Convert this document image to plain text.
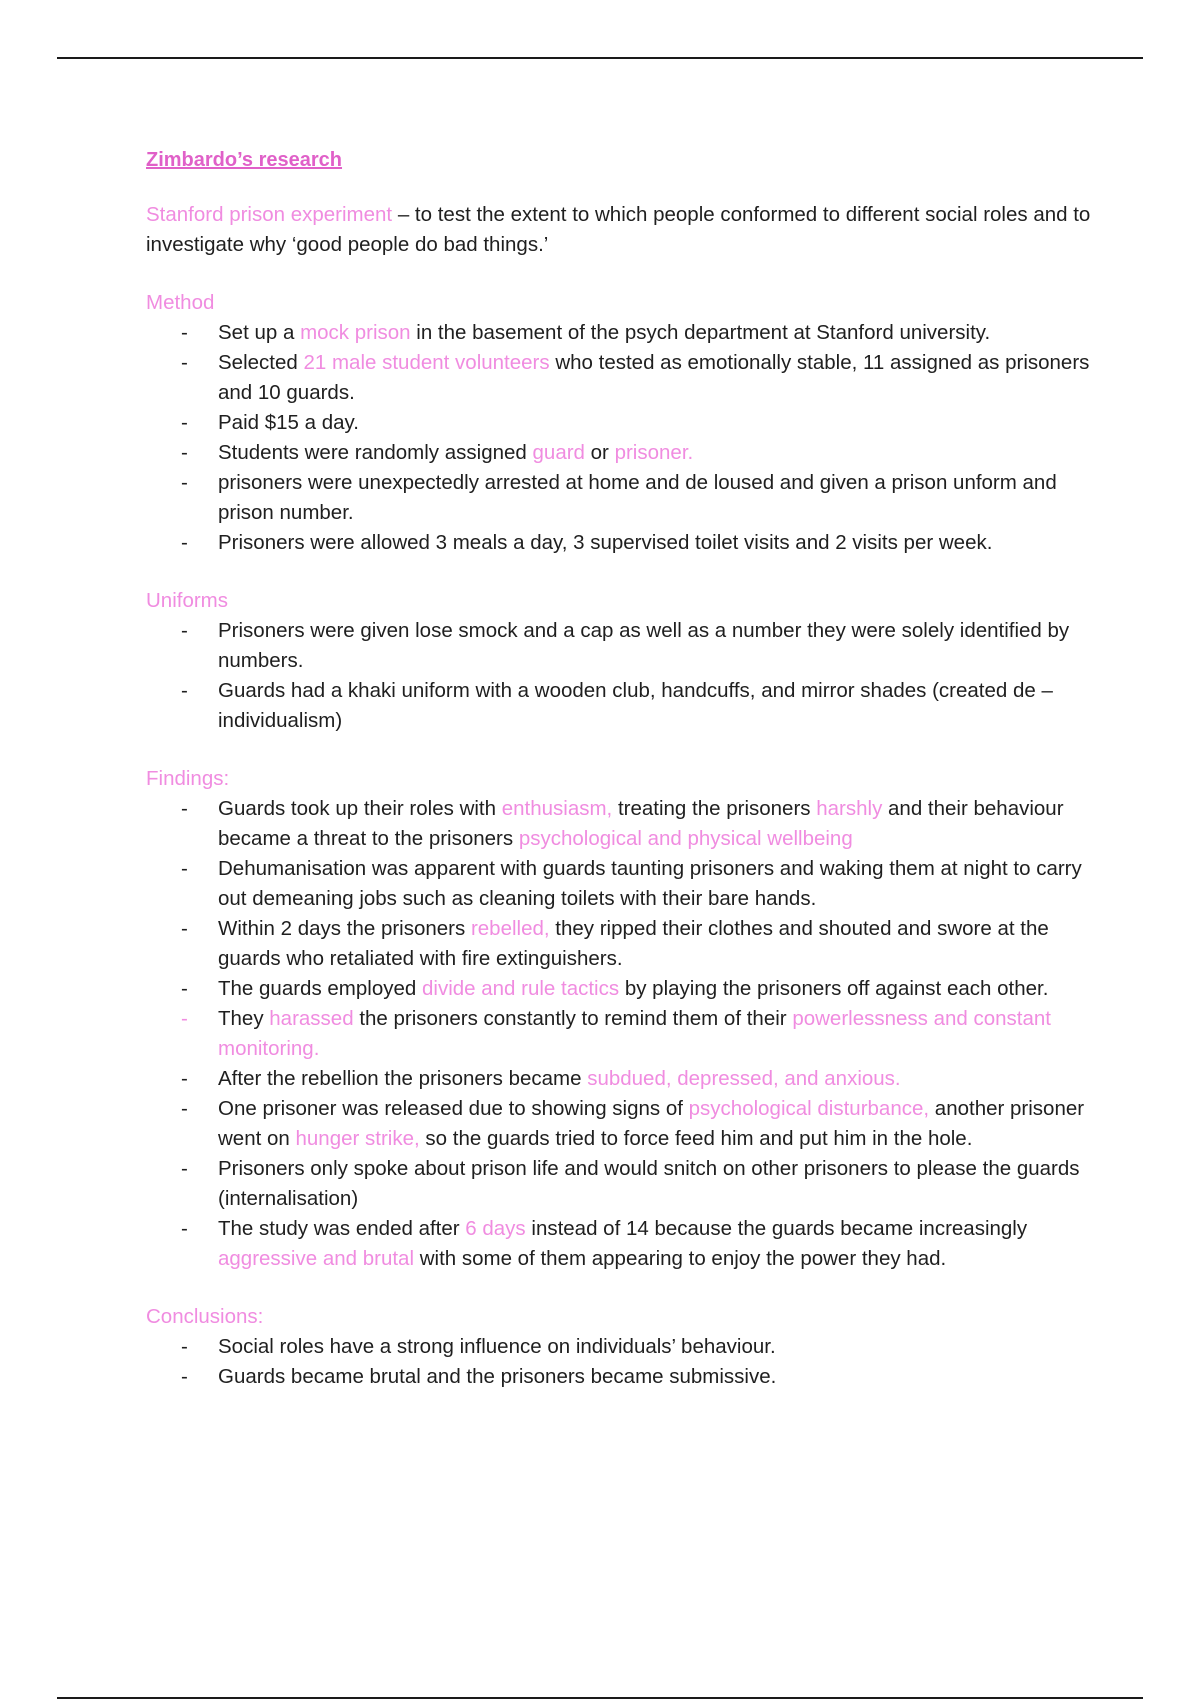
Zimbardo’s research

Stanford prison experiment – to test the extent to which people conformed to different social roles and to investigate why ‘good people do bad things.’

Method

- Set up a mock prison in the basement of the psych department at Stanford university.
- Selected 21 male student volunteers who tested as emotionally stable, 11 assigned as prisoners and 10 guards.
- Paid $15 a day.
- Students were randomly assigned guard or prisoner.
- prisoners were unexpectedly arrested at home and de loused and given a prison unform and prison number.
- Prisoners were allowed 3 meals a day, 3 supervised toilet visits and 2 visits per week.

Uniforms

- Prisoners were given lose smock and a cap as well as a number they were solely identified by numbers.
- Guards had a khaki uniform with a wooden club, handcuffs, and mirror shades (created de – individualism)

Findings:

- Guards took up their roles with enthusiasm, treating the prisoners harshly and their behaviour became a threat to the prisoners psychological and physical wellbeing
- Dehumanisation was apparent with guards taunting prisoners and waking them at night to carry out demeaning jobs such as cleaning toilets with their bare hands.
- Within 2 days the prisoners rebelled, they ripped their clothes and shouted and swore at the guards who retaliated with fire extinguishers.
- The guards employed divide and rule tactics by playing the prisoners off against each other.
- They harassed the prisoners constantly to remind them of their powerlessness and constant monitoring.
- After the rebellion the prisoners became subdued, depressed, and anxious.
- One prisoner was released due to showing signs of psychological disturbance, another prisoner went on hunger strike, so the guards tried to force feed him and put him in the hole.
- Prisoners only spoke about prison life and would snitch on other prisoners to please the guards (internalisation)
- The study was ended after 6 days instead of 14 because the guards became increasingly aggressive and brutal with some of them appearing to enjoy the power they had.

Conclusions:

- Social roles have a strong influence on individuals’ behaviour.
- Guards became brutal and the prisoners became submissive.
